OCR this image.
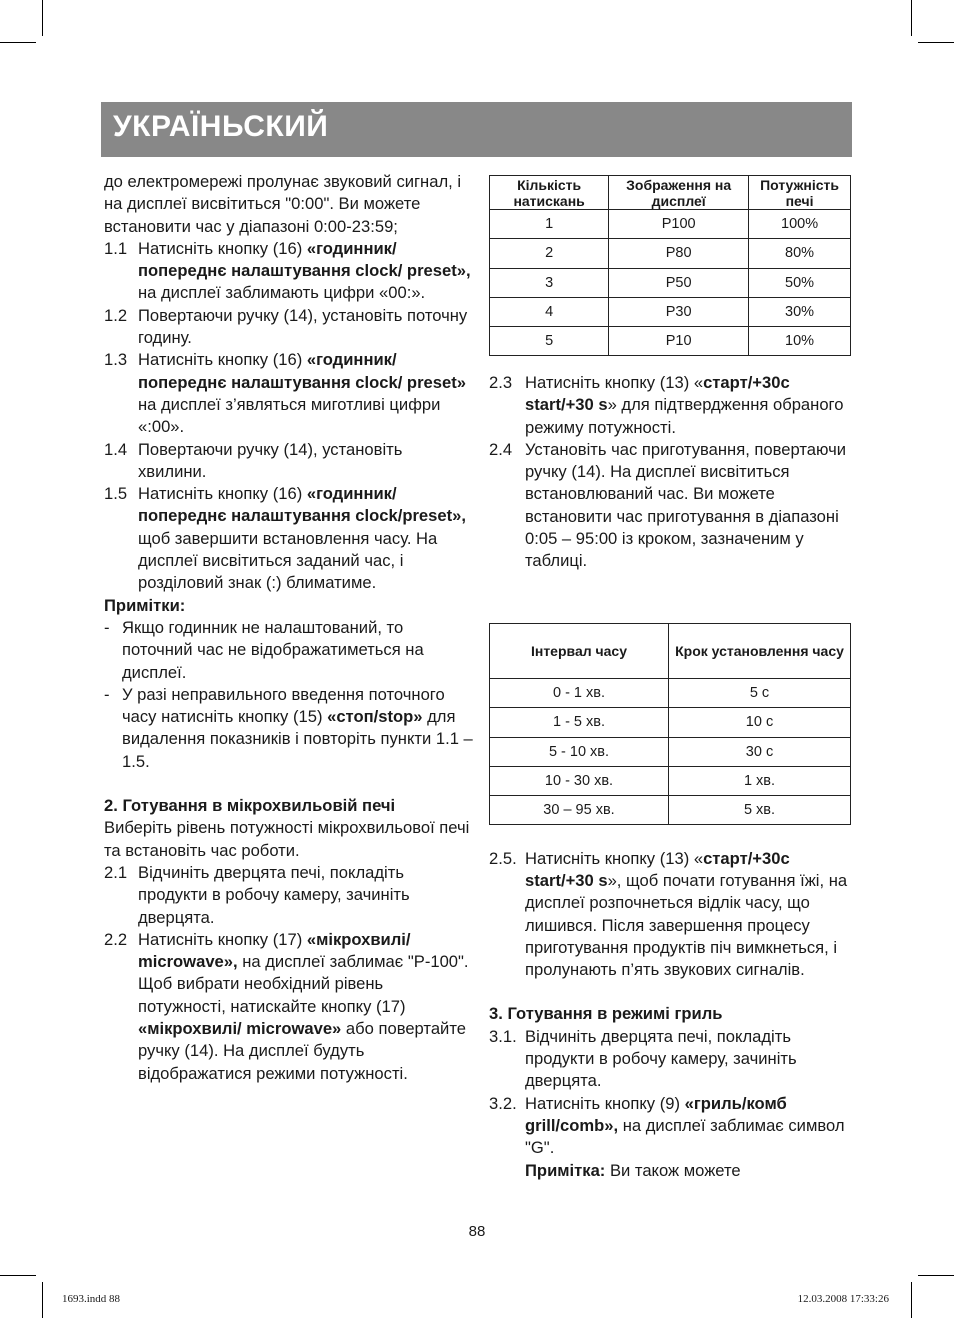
УКРАЇНЬСКИЙ

до електромережі пролунає звуковий сигнал, і на дисплеї висвітиться "0:00". Ви можете встановити час у діапазоні 0:00-23:59;

1.1 Натисніть кнопку (16) «годинник/ попереднє налаштування clock/ preset», на дисплеї заблимають цифри «00:».
1.2 Повертаючи ручку (14), установіть поточну годину.
1.3 Натисніть кнопку (16) «годинник/ попереднє налаштування clock/ preset» на дисплеї з’являться миготливі цифри «:00».
1.4 Повертаючи ручку (14), установіть хвилини.
1.5 Натисніть кнопку (16) «годинник/ попереднє налаштування clock/preset», щоб завершити встановлення часу. На дисплеї висвітиться заданий час, і розділовий знак (:) блиматиме.

Примітки:

- Якщо годинник не налаштований, то поточний час не відображатиметься на дисплеї.
- У разі неправильного введення поточного часу натисніть кнопку (15) «стоп/stop» для видалення показників і повторіть пункти 1.1 – 1.5.

2. Готування в мікрохвильовій печі

Виберіть рівень потужності мікрохвильової печі та встановіть час роботи.

2.1 Відчиніть дверцята печі, покладіть продукти в робочу камеру, зачиніть дверцята.
2.2 Натисніть кнопку (17) «мікрохвилі/ microwave», на дисплеї заблимає "P-100". Щоб вибрати необхідний рівень потужності, натискайте кнопку (17) «мікрохвилі/ microwave» або повертайте ручку (14). На дисплеї будуть відображатися режими потужності.
Кількість натискань	Зображення на дисплеї	Потужність печі
1	P100	100%
2	P80	80%
3	P50	50%
4	P30	30%
5	P10	10%
2.3 Натисніть кнопку (13) «старт/+30с start/+30 s» для підтвердження обраного режиму потужності.
2.4 Установіть час приготування, повертаючи ручку (14). На дисплеї висвітиться встановлюваний час. Ви можете встановити час приготування в діапазоні 0:05 – 95:00 із кроком, зазначеним у таблиці.
2.5. Натисніть кнопку (13) «старт/+30с start/+30 s», щоб почати готування їжі, на дисплеї розпочнеться відлік часу, що лишився. Після завершення процесу приготування продуктів піч вимкнеться, і пролунають п’ять звукових сигналів.

3. Готування в режимі гриль

3.1. Відчиніть дверцята печі, покладіть продукти в робочу камеру, зачиніть дверцята.
3.2. Натисніть кнопку (9) «гриль/комб grill/comb», на дисплеї заблимає символ "G".
Примітка: Ви також можете
Інтервал часу	Крок установлення часу
0 - 1 хв.	5 с
1 - 5 хв.	10 с
5 - 10 хв.	30 с
10 - 30 хв.	1 хв.
30 – 95 хв.	5 хв.
88
1693.indd 88	12.03.2008 17:33:26
